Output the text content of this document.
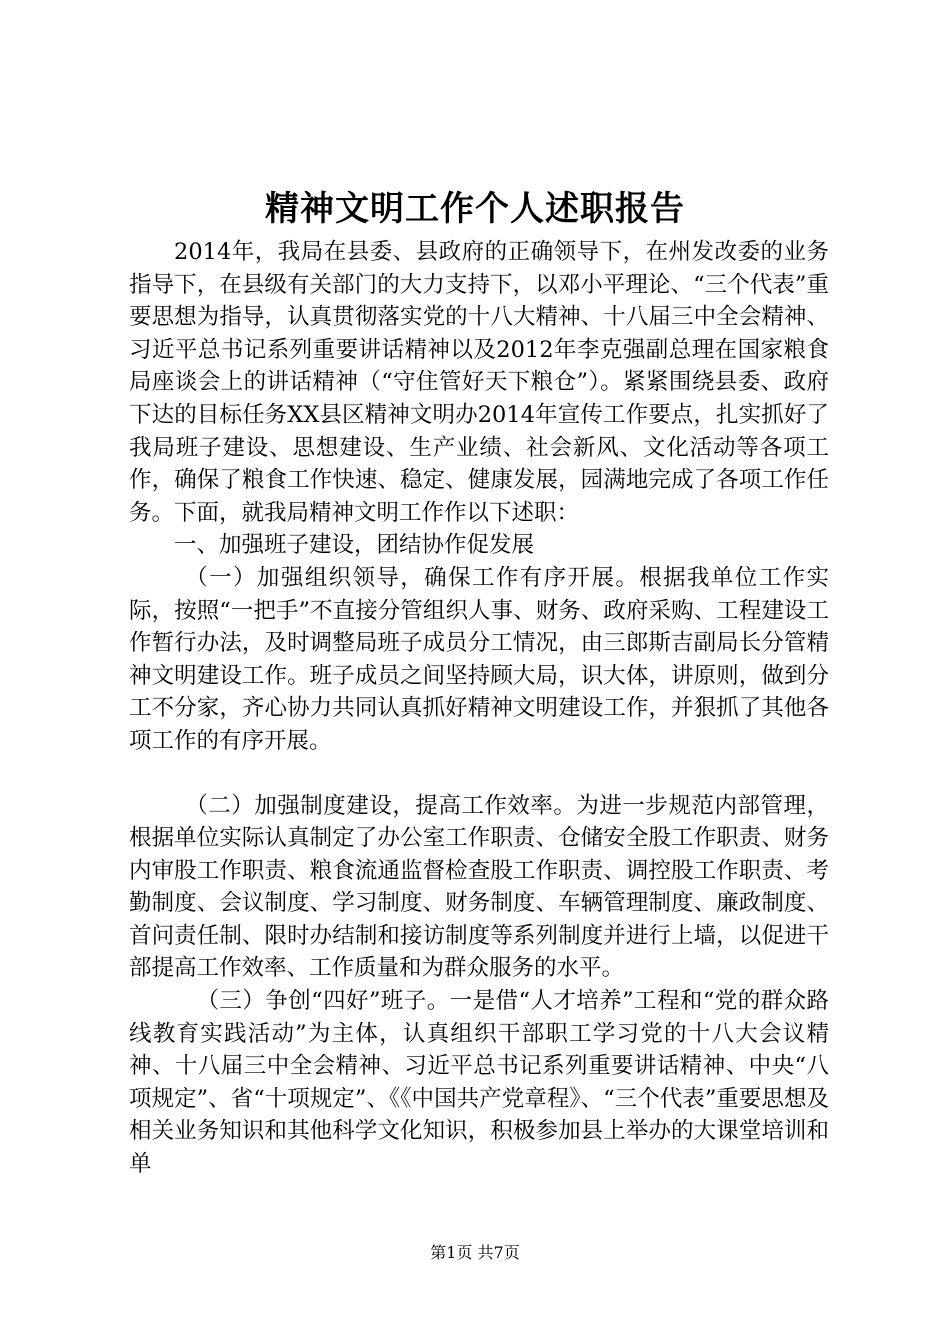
精神文明工作个人述职报告

2014年，我局在县委、县政府的正确领导下，在州发改委的业务指导下，在县级有关部门的大力支持下，以邓小平理论、“三个代表”重要思想为指导，认真贯彻落实党的十八大精神、十八届三中全会精神、习近平总书记系列重要讲话精神以及2012年李克强副总理在国家粮食局座谈会上的讲话精神（“守住管好天下粮仓”）。紧紧围绕县委、政府下达的目标任务XX县区精神文明办2014年宣传工作要点，扎实抓好了我局班子建设、思想建设、生产业绩、社会新风、文化活动等各项工作，确保了粮食工作快速、稳定、健康发展，园满地完成了各项工作任务。下面，就我局精神文明工作作以下述职：

一、加强班子建设，团结协作促发展

（一）加强组织领导，确保工作有序开展。根据我单位工作实际，按照“一把手”不直接分管组织人事、财务、政府采购、工程建设工作暂行办法，及时调整局班子成员分工情况，由三郎斯吉副局长分管精神文明建设工作。班子成员之间坚持顾大局，识大体，讲原则，做到分工不分家，齐心协力共同认真抓好精神文明建设工作，并狠抓了其他各项工作的有序开展。

（二）加强制度建设，提高工作效率。为进一步规范内部管理，根据单位实际认真制定了办公室工作职责、仓储安全股工作职责、财务内审股工作职责、粮食流通监督检查股工作职责、调控股工作职责、考勤制度、会议制度、学习制度、财务制度、车辆管理制度、廉政制度、首问责任制、限时办结制和接访制度等系列制度并进行上墙，以促进干部提高工作效率、工作质量和为群众服务的水平。

（三）争创“四好”班子。一是借“人才培养”工程和“党的群众路线教育实践活动”为主体，认真组织干部职工学习党的十八大会议精神、十八届三中全会精神、习近平总书记系列重要讲话精神、中央“八项规定”、省“十项规定”、《《中国共产党章程》、“三个代表”重要思想及相关业务知识和其他科学文化知识，积极参加县上举办的大课堂培训和单

第1页 共7页
